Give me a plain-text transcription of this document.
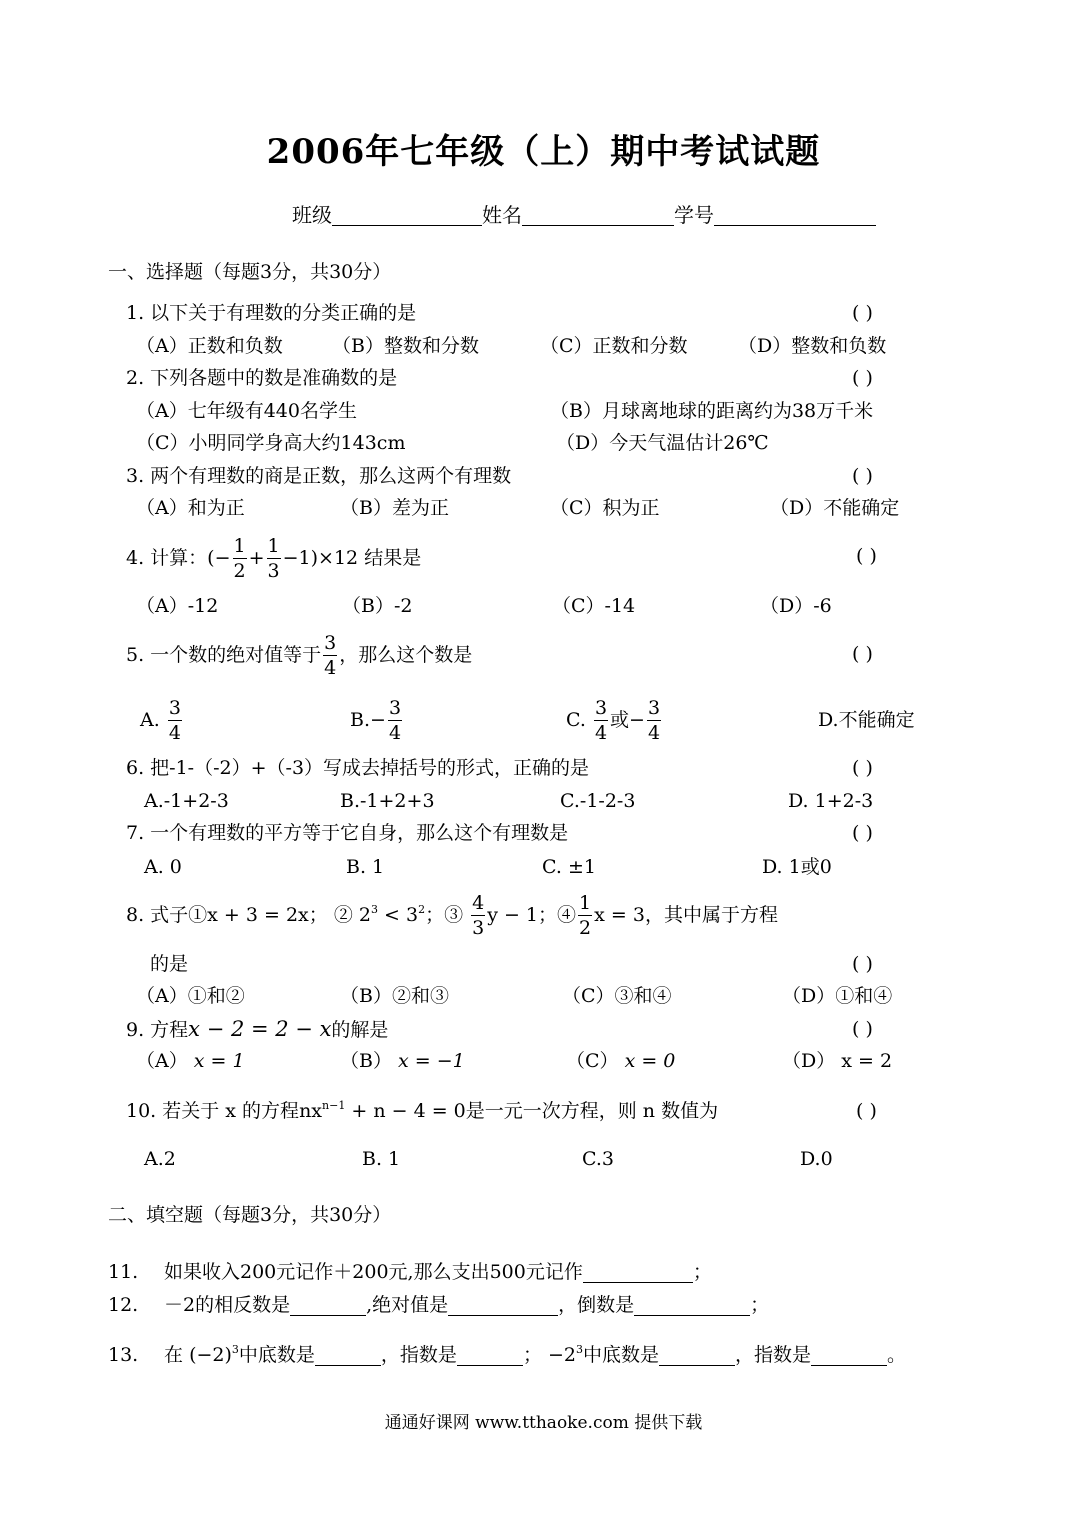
2006年七年级（上）期中考试试题
班级	姓名	学号
一、选择题（每题3分，共30分）
1. 以下关于有理数的分类正确的是	( )
（A）正数和负数	（B）整数和分数	（C）正数和分数	（D）整数和负数
2. 下列各题中的数是准确数的是	( )
（A）七年级有440名学生	（B）月球离地球的距离约为38万千米
（C）小明同学身高大约143cm	（D）今天气温估计26℃
3. 两个有理数的商是正数，那么这两个有理数	( )
（A）和为正	（B）差为正	（C）积为正	（D）不能确定
4. 计算：(− $\frac{1}{2} + \frac{1}{3} -1)\times 12$ 结果是	( )
（A）-12	（B）-2	（C）-14	（D）-6
5. 一个数的绝对值等于 $\frac{3}{4}$ ，那么这个数是	( )
A. $\frac{3}{4}$	$B.- \frac{3}{4}$	C. $\frac{3}{4}$ 或− $\frac{3}{4}$	D.不能确定
6. 把-1-（-2）+（-3）写成去掉括号的形式，正确的是	( )
A.-1+2-3	B.-1+2+3	C.-1-2-3	D. 1+2-3
7. 一个有理数的平方等于它自身，那么这个有理数是	( )
A. 0	B. 1	C. ±1	D. 1或0
8. 式子①x + 3 = 2x； ② $2^3 < 3^2$；③ $\frac{4}{3}$ y − 1；④ $\frac{1}{2}$ x = 3，其中属于方程
的是	( )
（A）①和②	（B）②和③	（C）③和④	（D）①和④
9. 方程x − 2 = 2 − x的解是	( )
（A） x = 1	（B） x = −1	（C） x = 0	（D） x = 2
10. 若关于 x 的方程$nx^{n-1} + n - 4 = 0$是一元一次方程，则 n 数值为	( )
A.2	B. 1	C.3	D.0
二、填空题（每题3分，共30分）
11. 如果收入200元记作＋200元,那么支出500元记作	；
12. －2的相反数是	,绝对值是	，倒数是	；
13. 在 $(-2)^3$中底数是	，指数是	； $-2^3$中底数是	，指数是	。
通通好课网 www.tthaoke.com 提供下载
